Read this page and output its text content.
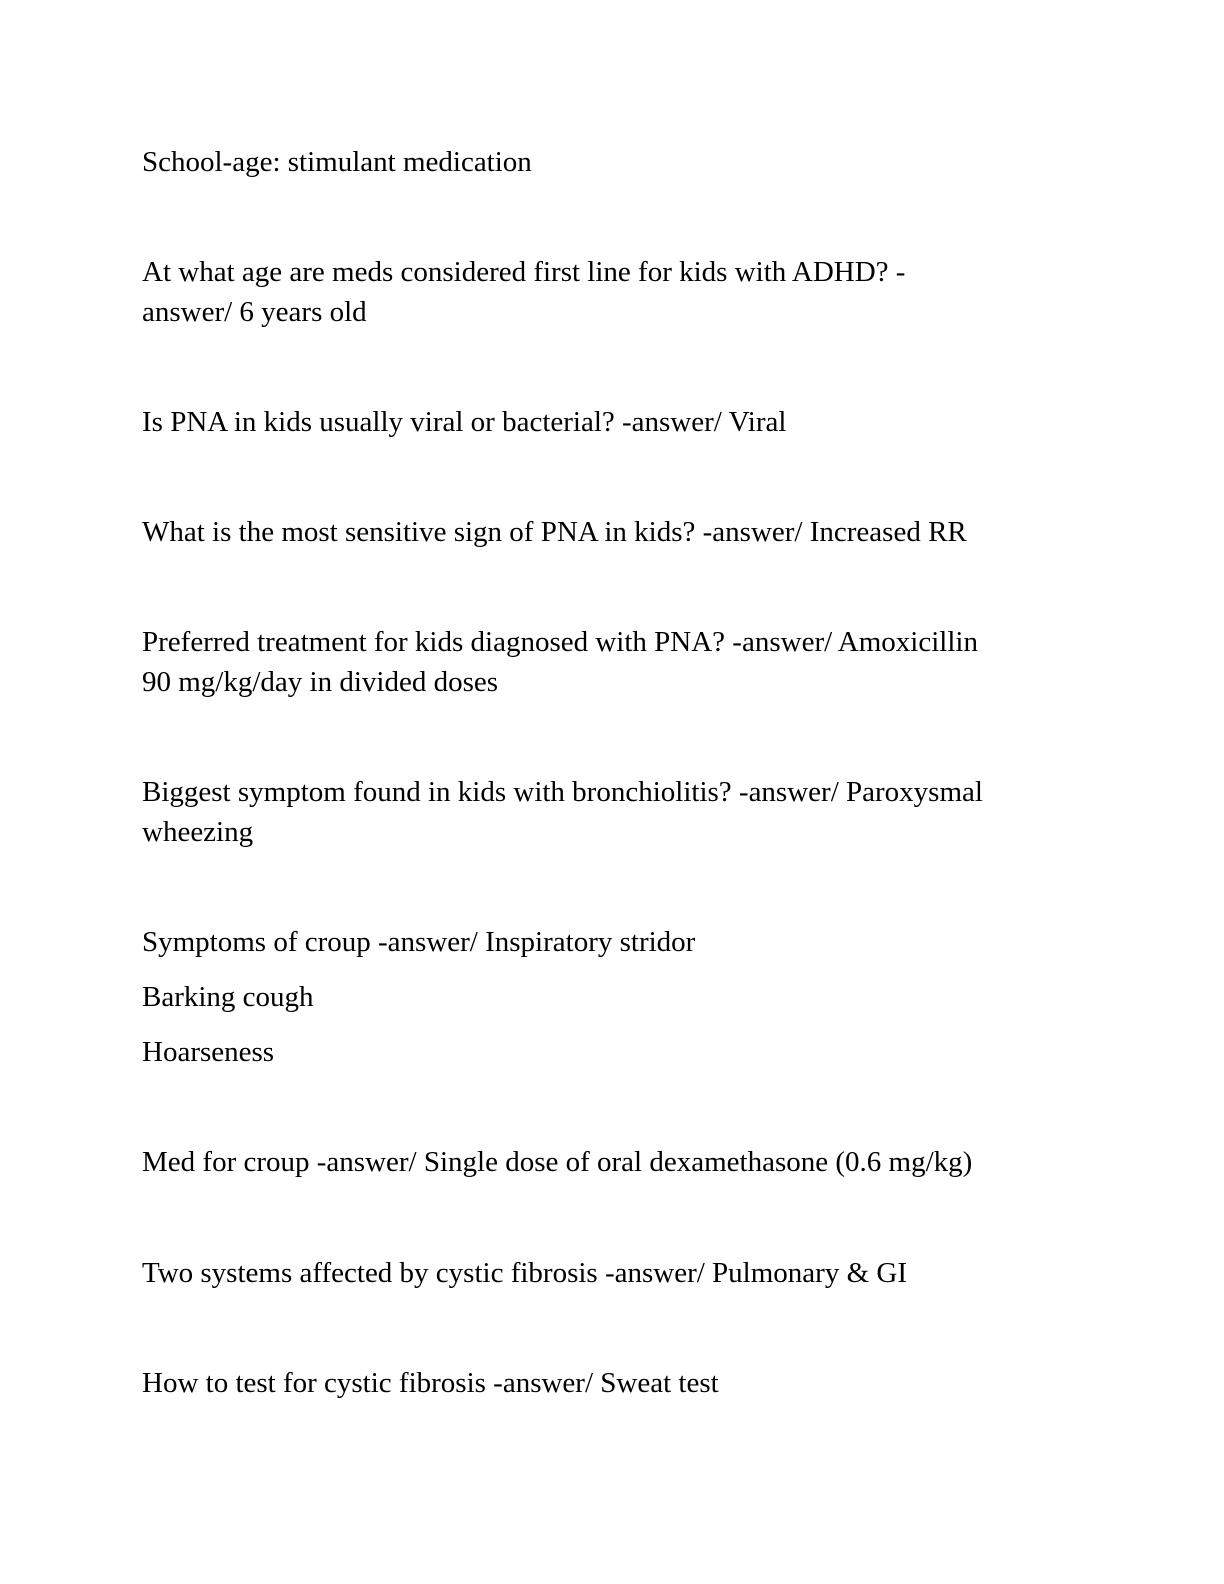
School-age: stimulant medication

At what age are meds considered first line for kids with ADHD? -

answer/ 6 years old

Is PNA in kids usually viral or bacterial? -answer/ Viral

What is the most sensitive sign of PNA in kids? -answer/ Increased RR

Preferred treatment for kids diagnosed with PNA? -answer/ Amoxicillin

90 mg/kg/day in divided doses

Biggest symptom found in kids with bronchiolitis? -answer/ Paroxysmal

wheezing

Symptoms of croup -answer/ Inspiratory stridor

Barking cough

Hoarseness

Med for croup -answer/ Single dose of oral dexamethasone (0.6 mg/kg)

Two systems affected by cystic fibrosis -answer/ Pulmonary & GI

How to test for cystic fibrosis -answer/ Sweat test
